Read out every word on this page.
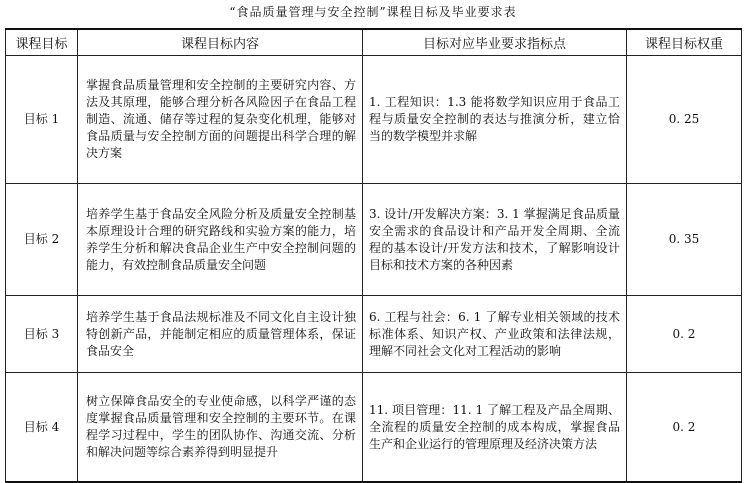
“食品质量管理与安全控制”课程目标及毕业要求表
课程目标	课程目标内容	目标对应毕业要求指标点	课程目标权重
目标 1	掌握食品质量管理和安全控制的主要研究内容、方法及其原理，能够合理分析各风险因子在食品工程制造、流通、储存等过程的复杂变化机理，能够对食品质量与安全控制方面的问题提出科学合理的解决方案	1. 工程知识：1.3 能将数学知识应用于食品工程与质量安全控制的表达与推演分析，建立恰当的数学模型并求解	0. 25
目标 2	培养学生基于食品安全风险分析及质量安全控制基本原理设计合理的研究路线和实验方案的能力，培养学生分析和解决食品企业生产中安全控制问题的能力，有效控制食品质量安全问题	3. 设计/开发解决方案：3. 1 掌握满足食品质量安全需求的食品设计和产品开发全周期、全流程的基本设计/开发方法和技术，了解影响设计目标和技术方案的各种因素	0. 35
目标 3	培养学生基于食品法规标准及不同文化自主设计独特创新产品，并能制定相应的质量管理体系，保证食品安全	6. 工程与社会：6. 1 了解专业相关领域的技术标准体系、知识产权、产业政策和法律法规，理解不同社会文化对工程活动的影响	0. 2
目标 4	树立保障食品安全的专业使命感，以科学严谨的态度掌握食品质量管理和安全控制的主要环节。在课程学习过程中，学生的团队协作、沟通交流、分析和解决问题等综合素养得到明显提升	11. 项目管理：11. 1 了解工程及产品全周期、全流程的质量安全控制的成本构成，掌握食品生产和企业运行的管理原理及经济决策方法	0. 2
